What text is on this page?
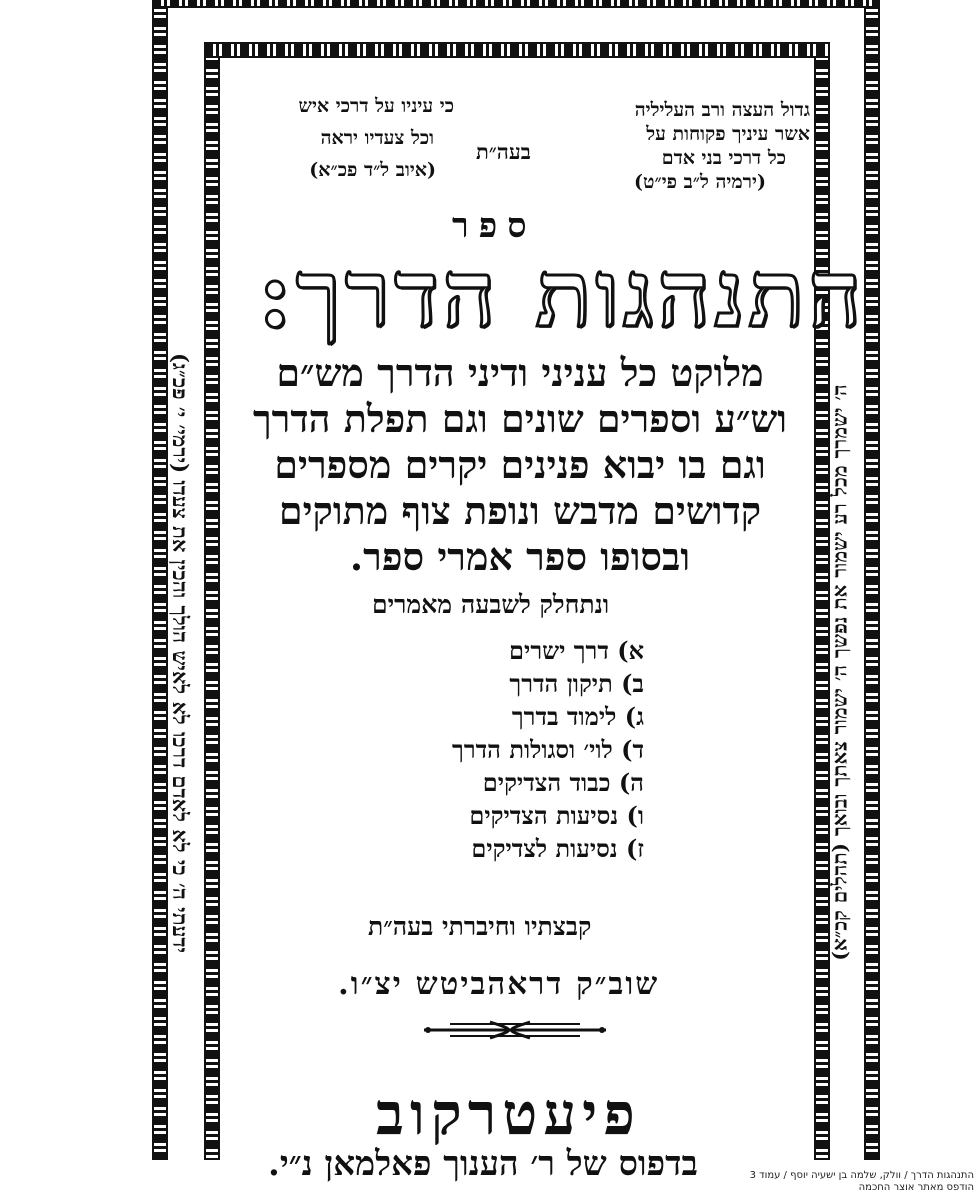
גדול העצה ורב העליליה
אשר עיניך פקוחות על
כל דרכי בני אדם
(ירמיה ל״ב פי״ט)
בעה״ת
כי עיניו על דרכי איש
וכל צעדיו יראה
(איוב ל״ד פכ״א)
ספר
התנהגות הדרך:
מלוקט כל עניני ודיני הדרך מש״ם
וש״ע וספרים שונים וגם תפלת הדרך
וגם בו יבוא פנינים יקרים מספרים
קדושים מדבש ונופת צוף מתוקים
ובסופו ספר אמרי ספר.
ונתחלק לשבעה מאמרים
א) דרך ישרים
ב) תיקון הדרך
ג) לימוד בדרך
ד) לוי׳ וסגולות הדרך
ה) כבוד הצדיקים
ו) נסיעות הצדיקים
ז) נסיעות לצדיקים
קבצתיו וחיברתי בעה״ת
שוב״ק דראהביטש יצ״ו.
פיעטרקוב
בדפוס של ר׳ הענוך פאלמאן נ״י.
ידעתי ה׳ כי לא לאדם דרכו לא לאיש הולך והכין את צעדו (ירמי׳ י׳ פכ״ג)	ה׳ ישמרך מכל רע ישמור את נפשך ה׳ ישמור צאתך ובואך (תהלים קכ״א)
התנהגות הדרך / וולק, שלמה בן ישעיה יוסף / עמוד 3
הודפס מאתר אוצר החכמה
